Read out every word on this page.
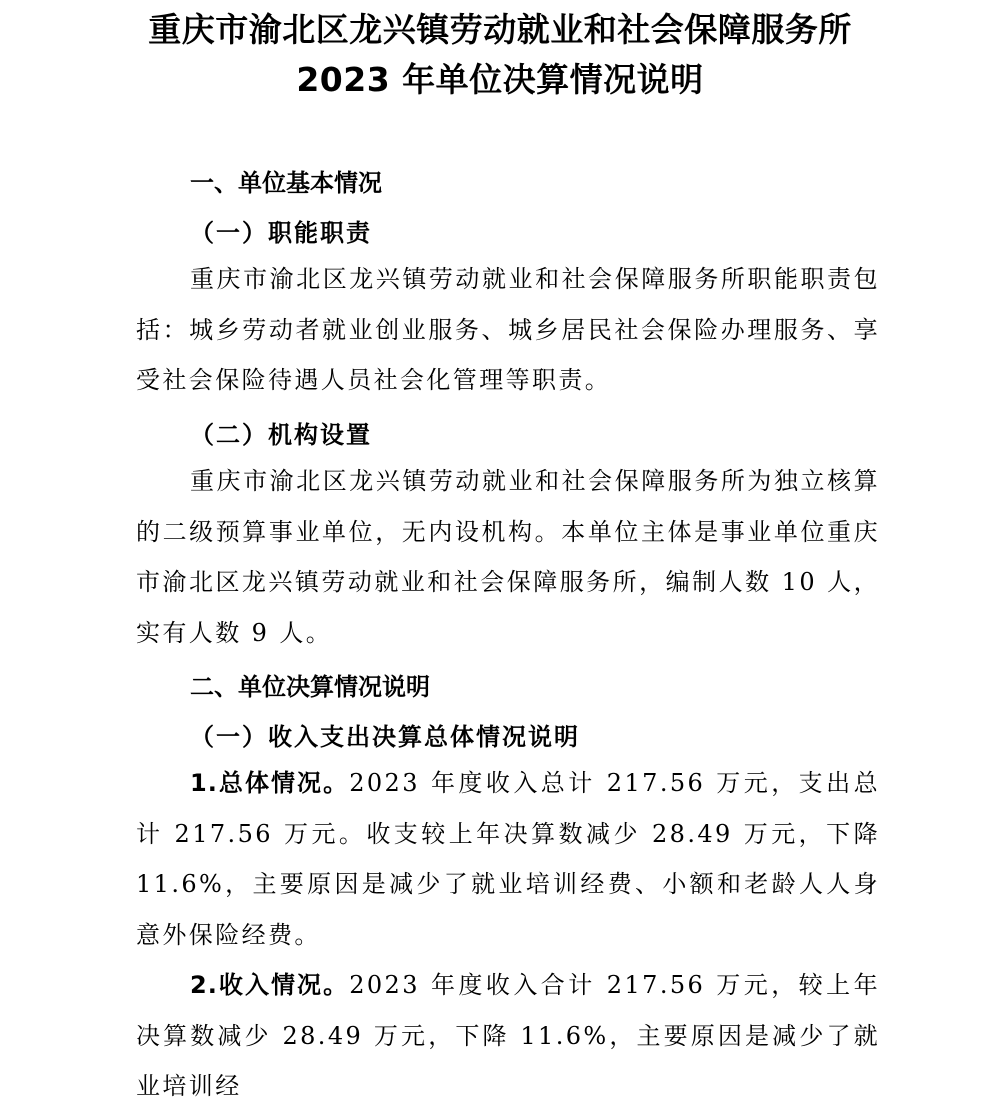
重庆市渝北区龙兴镇劳动就业和社会保障服务所
2023 年单位决算情况说明
一、单位基本情况
（一）职能职责

重庆市渝北区龙兴镇劳动就业和社会保障服务所职能职责包括：城乡劳动者就业创业服务、城乡居民社会保险办理服务、享受社会保险待遇人员社会化管理等职责。

（二）机构设置

重庆市渝北区龙兴镇劳动就业和社会保障服务所为独立核算的二级预算事业单位，无内设机构。本单位主体是事业单位重庆市渝北区龙兴镇劳动就业和社会保障服务所，编制人数 10 人，实有人数 9 人。

二、单位决算情况说明
（一）收入支出决算总体情况说明

1.总体情况。2023 年度收入总计 217.56 万元，支出总计 217.56 万元。收支较上年决算数减少 28.49 万元，下降 11.6%，主要原因是减少了就业培训经费、小额和老龄人人身意外保险经费。

2.收入情况。2023 年度收入合计 217.56 万元，较上年决算数减少 28.49 万元，下降 11.6%，主要原因是减少了就业培训经
